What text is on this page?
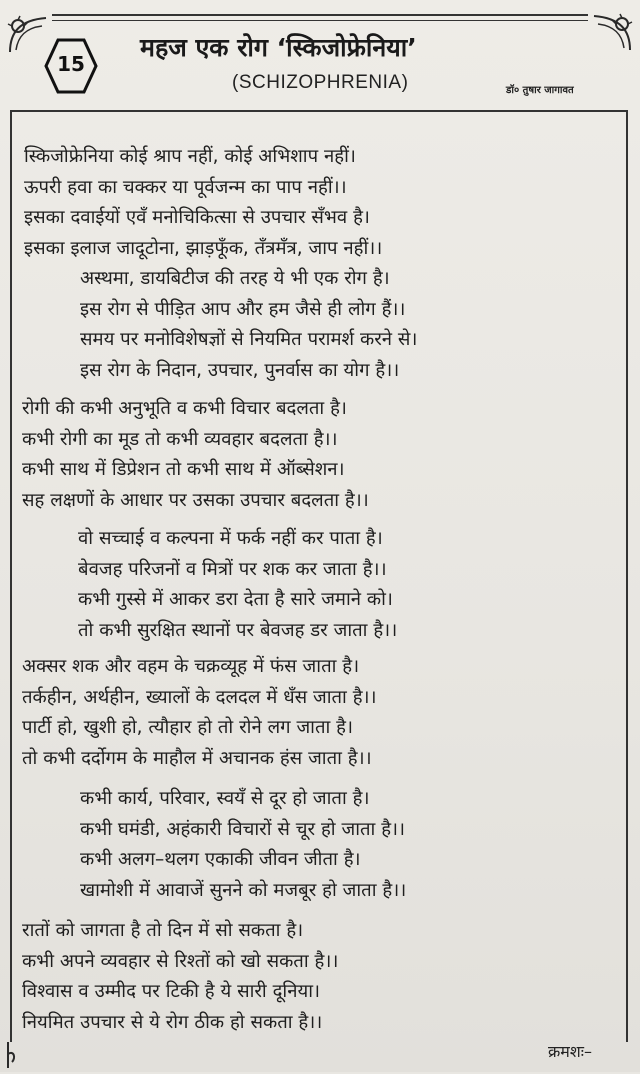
15
महज एक रोग ‘स्किजोफ्रेनिया’
(SCHIZOPHRENIA)	डॉ० तुषार जागावत
स्किजोफ्रेनिया कोई श्राप नहीं, कोई अभिशाप नहीं।
ऊपरी हवा का चक्कर या पूर्वजन्म का पाप नहीं।।
इसका दवाईयों एवँ मनोचिकित्सा से उपचार सँभव है।
इसका इलाज जादूटोना, झाड़फूँक, तँत्रमँत्र, जाप नहीं।।
अस्थमा, डायबिटीज की तरह ये भी एक रोग है।
इस रोग से पीड़ित आप और हम जैसे ही लोग हैं।।
समय पर मनोविशेषज्ञों से नियमित परामर्श करने से।
इस रोग के निदान, उपचार, पुनर्वास का योग है।।
रोगी की कभी अनुभूति व कभी विचार बदलता है।
कभी रोगी का मूड तो कभी व्यवहार बदलता है।।
कभी साथ में डिप्रेशन तो कभी साथ में ऑब्सेशन।
सह लक्षणों के आधार पर उसका उपचार बदलता है।।
वो सच्चाई व कल्पना में फर्क नहीं कर पाता है।
बेवजह परिजनों व मित्रों पर शक कर जाता है।।
कभी गुस्से में आकर डरा देता है सारे जमाने को।
तो कभी सुरक्षित स्थानों पर बेवजह डर जाता है।।
अक्सर शक और वहम के चक्रव्यूह में फंस जाता है।
तर्कहीन, अर्थहीन, ख्यालों के दलदल में धँस जाता है।।
पार्टी हो, खुशी हो, त्यौहार हो तो रोने लग जाता है।
तो कभी दर्दोगम के माहौल में अचानक हंस जाता है।।
कभी कार्य, परिवार, स्वयँ से दूर हो जाता है।
कभी घमंडी, अहंकारी विचारों से चूर हो जाता है।।
कभी अलग–थलग एकाकी जीवन जीता है।
खामोशी में आवाजें सुनने को मजबूर हो जाता है।।
रातों को जागता है तो दिन में सो सकता है।
कभी अपने व्यवहार से रिश्तों को खो सकता है।।
विश्वास व उम्मीद पर टिकी है ये सारी दूनिया।
नियमित उपचार से ये रोग ठीक हो सकता है।।
क्रमशः–
